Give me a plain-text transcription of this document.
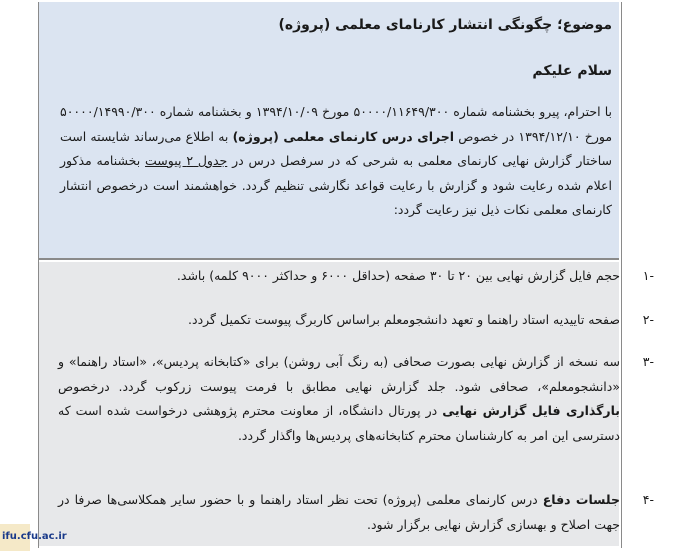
موضوع؛ چگونگی انتشار کارنامای معلمی (پروژه)
سلام علیکم
با احترام، پیرو بخشنامه شماره ۵۰۰۰۰/۱۱۶۴۹/۳۰۰ مورخ ۱۳۹۴/۱۰/۰۹ و بخشنامه شماره ۵۰۰۰۰/۱۴۹۹۰/۳۰۰ مورخ ۱۳۹۴/۱۲/۱۰ در خصوص اجرای درس کارنمای معلمی (پروژه) به اطلاع می‌رساند شایسته است ساختار گزارش نهایی کارنمای معلمی به شرحی که در سرفصل درس در جدول ۲ پیوست بخشنامه مذکور اعلام شده رعایت شود و گزارش با رعایت قواعد نگارشی تنظیم گردد. خواهشمند است درخصوص انتشار کارنمای معلمی نکات ذیل نیز رعایت گردد:
-۱
حجم فایل گزارش نهایی بین ۲۰ تا ۳۰ صفحه (حداقل ۶۰۰۰ و حداکثر ۹۰۰۰ کلمه) باشد.
-۲
صفحه تاییدیه استاد راهنما و تعهد دانشجومعلم براساس کاربرگ پیوست تکمیل گردد.
-۳
سه نسخه از گزارش نهایی بصورت صحافی (به رنگ آبی روشن) برای «کتابخانه پردیس»، «استاد راهنما» و «دانشجومعلم»، صحافی شود. جلد گزارش نهایی مطابق با فرمت پیوست زرکوب گردد. درخصوص بارگذاری فایل گزارش نهایی در پورتال دانشگاه، از معاونت محترم پژوهشی درخواست شده است که دسترسی این امر به کارشناسان محترم کتابخانه‌های پردیس‌ها واگذار گردد.
-۴
جلسات دفاع درس کارنمای معلمی (پروژه) تحت نظر استاد راهنما و با حضور سایر همکلاسی‌ها صرفا در جهت اصلاح و بهسازی گزارش نهایی برگزار شود.
ifu.cfu.ac.ir
